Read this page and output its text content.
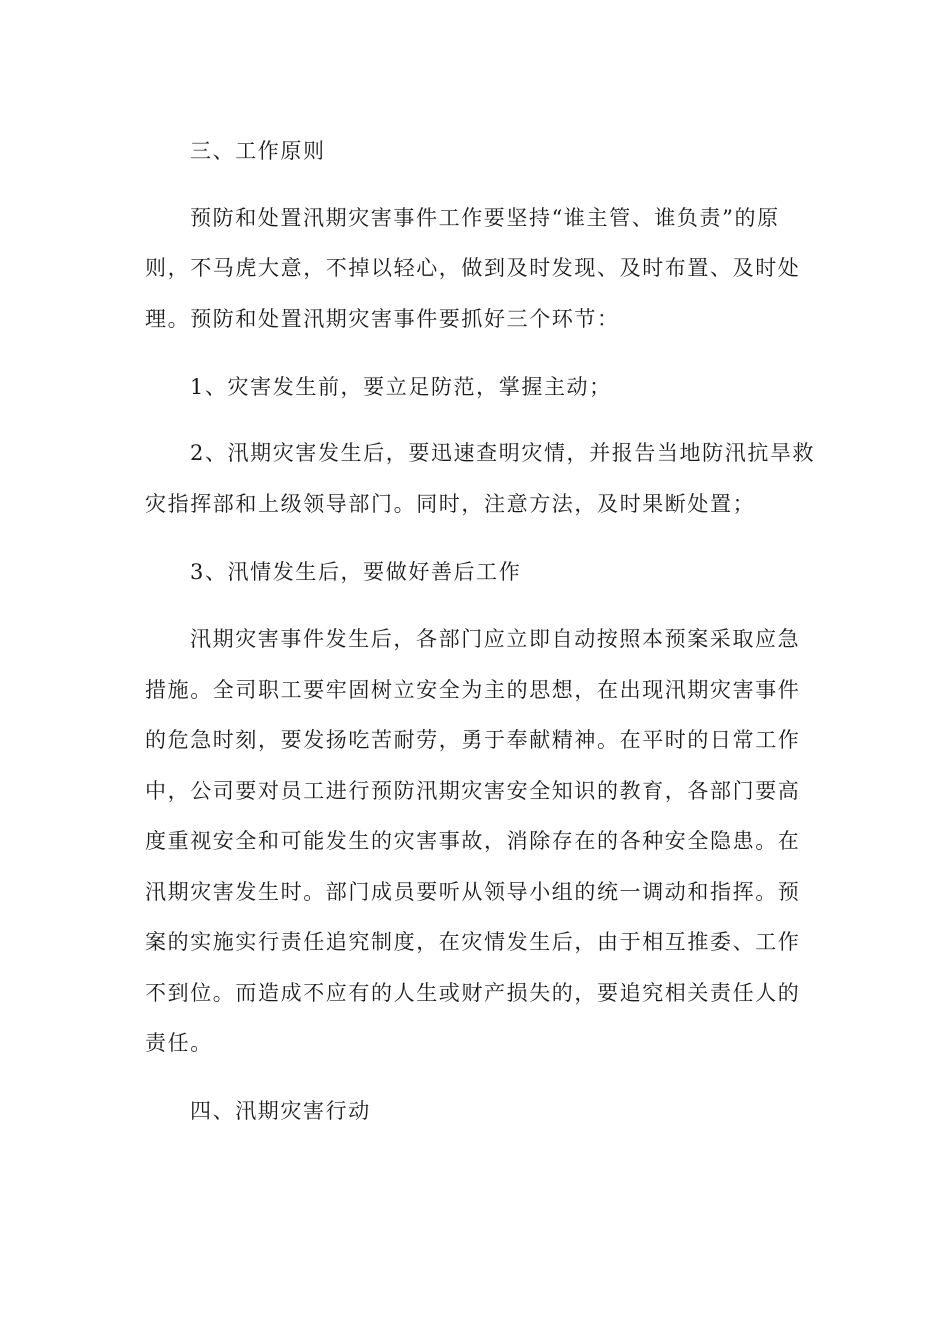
三、工作原则

预防和处置汛期灾害事件工作要坚持“谁主管、谁负责”的原

则，不马虎大意，不掉以轻心，做到及时发现、及时布置、及时处

理。预防和处置汛期灾害事件要抓好三个环节：

1、灾害发生前，要立足防范，掌握主动；

2、汛期灾害发生后，要迅速查明灾情，并报告当地防汛抗旱救

灾指挥部和上级领导部门。同时，注意方法，及时果断处置；

3、汛情发生后，要做好善后工作

汛期灾害事件发生后，各部门应立即自动按照本预案采取应急

措施。全司职工要牢固树立安全为主的思想，在出现汛期灾害事件

的危急时刻，要发扬吃苦耐劳，勇于奉献精神。在平时的日常工作

中，公司要对员工进行预防汛期灾害安全知识的教育，各部门要高

度重视安全和可能发生的灾害事故，消除存在的各种安全隐患。在

汛期灾害发生时。部门成员要听从领导小组的统一调动和指挥。预

案的实施实行责任追究制度，在灾情发生后，由于相互推委、工作

不到位。而造成不应有的人生或财产损失的，要追究相关责任人的

责任。

四、汛期灾害行动
